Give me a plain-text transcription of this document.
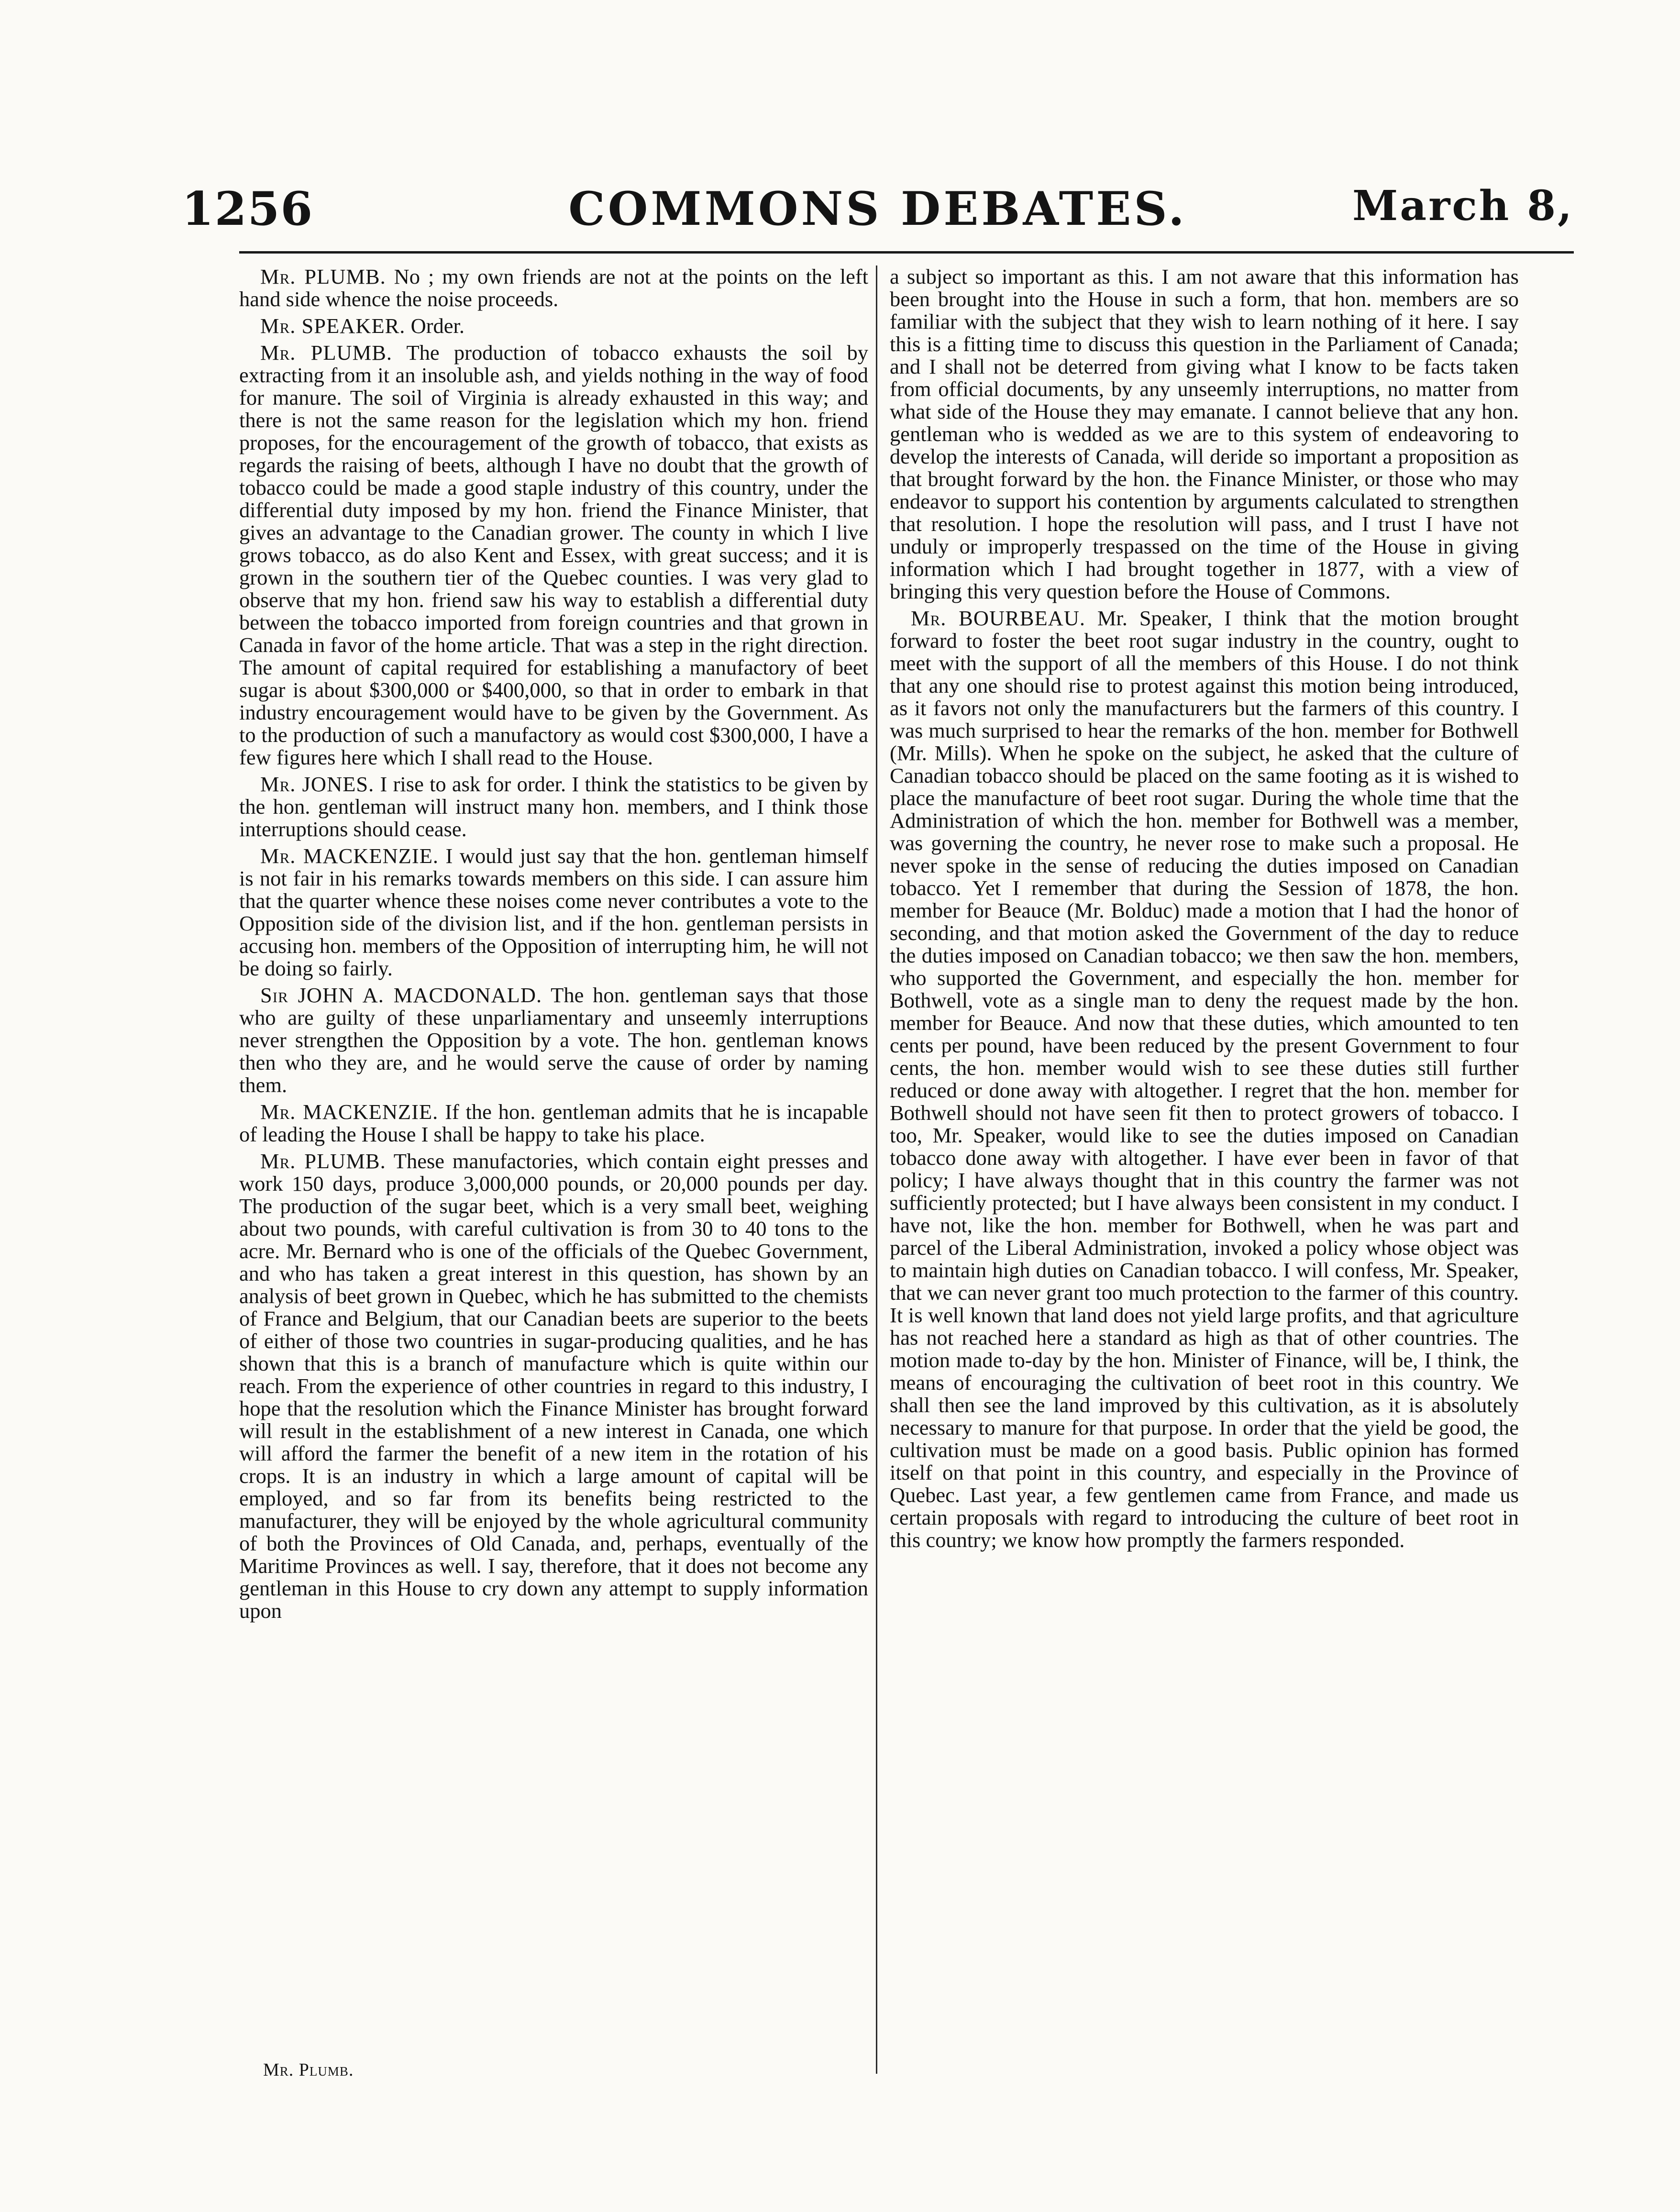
1256	COMMONS DEBATES.	March 8,

Mr. PLUMB. No ; my own friends are not at the points on the left hand side whence the noise proceeds.

Mr. SPEAKER. Order.

Mr. PLUMB. The production of tobacco exhausts the soil by extracting from it an insoluble ash, and yields nothing in the way of food for manure. The soil of Virginia is already exhausted in this way; and there is not the same reason for the legislation which my hon. friend proposes, for the encouragement of the growth of tobacco, that exists as regards the raising of beets, although I have no doubt that the growth of tobacco could be made a good staple industry of this country, under the differential duty imposed by my hon. friend the Finance Minister, that gives an advantage to the Canadian grower. The county in which I live grows tobacco, as do also Kent and Essex, with great success; and it is grown in the southern tier of the Quebec counties. I was very glad to observe that my hon. friend saw his way to establish a differential duty between the tobacco imported from foreign countries and that grown in Canada in favor of the home article. That was a step in the right direction. The amount of capital required for establishing a manufactory of beet sugar is about $300,000 or $400,000, so that in order to embark in that industry encouragement would have to be given by the Government. As to the production of such a manufactory as would cost $300,000, I have a few figures here which I shall read to the House.

Mr. JONES. I rise to ask for order. I think the statistics to be given by the hon. gentleman will instruct many hon. members, and I think those interruptions should cease.

Mr. MACKENZIE. I would just say that the hon. gentleman himself is not fair in his remarks towards members on this side. I can assure him that the quarter whence these noises come never contributes a vote to the Opposition side of the division list, and if the hon. gentleman persists in accusing hon. members of the Opposition of interrupting him, he will not be doing so fairly.

Sir JOHN A. MACDONALD. The hon. gentleman says that those who are guilty of these unparliamentary and unseemly interruptions never strengthen the Opposition by a vote. The hon. gentleman knows then who they are, and he would serve the cause of order by naming them.

Mr. MACKENZIE. If the hon. gentleman admits that he is incapable of leading the House I shall be happy to take his place.

Mr. PLUMB. These manufactories, which contain eight presses and work 150 days, produce 3,000,000 pounds, or 20,000 pounds per day. The production of the sugar beet, which is a very small beet, weighing about two pounds, with careful cultivation is from 30 to 40 tons to the acre. Mr. Bernard who is one of the officials of the Quebec Government, and who has taken a great interest in this question, has shown by an analysis of beet grown in Quebec, which he has submitted to the chemists of France and Belgium, that our Canadian beets are superior to the beets of either of those two countries in sugar-producing qualities, and he has shown that this is a branch of manufacture which is quite within our reach. From the experience of other countries in regard to this industry, I hope that the resolution which the Finance Minister has brought forward will result in the establishment of a new interest in Canada, one which will afford the farmer the benefit of a new item in the rotation of his crops. It is an industry in which a large amount of capital will be employed, and so far from its benefits being restricted to the manufacturer, they will be enjoyed by the whole agricultural community of both the Provinces of Old Canada, and, perhaps, eventually of the Maritime Provinces as well. I say, therefore, that it does not become any gentleman in this House to cry down any attempt to supply information upon

a subject so important as this. I am not aware that this information has been brought into the House in such a form, that hon. members are so familiar with the subject that they wish to learn nothing of it here. I say this is a fitting time to discuss this question in the Parliament of Canada; and I shall not be deterred from giving what I know to be facts taken from official documents, by any unseemly interruptions, no matter from what side of the House they may emanate. I cannot believe that any hon. gentleman who is wedded as we are to this system of endeavoring to develop the interests of Canada, will deride so important a proposition as that brought forward by the hon. the Finance Minister, or those who may endeavor to support his contention by arguments calculated to strengthen that resolution. I hope the resolution will pass, and I trust I have not unduly or improperly trespassed on the time of the House in giving information which I had brought together in 1877, with a view of bringing this very question before the House of Commons.

Mr. BOURBEAU. Mr. Speaker, I think that the motion brought forward to foster the beet root sugar industry in the country, ought to meet with the support of all the members of this House. I do not think that any one should rise to protest against this motion being introduced, as it favors not only the manufacturers but the farmers of this country. I was much surprised to hear the remarks of the hon. member for Bothwell (Mr. Mills). When he spoke on the subject, he asked that the culture of Canadian tobacco should be placed on the same footing as it is wished to place the manufacture of beet root sugar. During the whole time that the Administration of which the hon. member for Bothwell was a member, was governing the country, he never rose to make such a proposal. He never spoke in the sense of reducing the duties imposed on Canadian tobacco. Yet I remember that during the Session of 1878, the hon. member for Beauce (Mr. Bolduc) made a motion that I had the honor of seconding, and that motion asked the Government of the day to reduce the duties imposed on Canadian tobacco; we then saw the hon. members, who supported the Government, and especially the hon. member for Bothwell, vote as a single man to deny the request made by the hon. member for Beauce. And now that these duties, which amounted to ten cents per pound, have been reduced by the present Government to four cents, the hon. member would wish to see these duties still further reduced or done away with altogether. I regret that the hon. member for Bothwell should not have seen fit then to protect growers of tobacco. I too, Mr. Speaker, would like to see the duties imposed on Canadian tobacco done away with altogether. I have ever been in favor of that policy; I have always thought that in this country the farmer was not sufficiently protected; but I have always been consistent in my conduct. I have not, like the hon. member for Bothwell, when he was part and parcel of the Liberal Administration, invoked a policy whose object was to maintain high duties on Canadian tobacco. I will confess, Mr. Speaker, that we can never grant too much protection to the farmer of this country. It is well known that land does not yield large profits, and that agriculture has not reached here a standard as high as that of other countries. The motion made to-day by the hon. Minister of Finance, will be, I think, the means of encouraging the cultivation of beet root in this country. We shall then see the land improved by this cultivation, as it is absolutely necessary to manure for that purpose. In order that the yield be good, the cultivation must be made on a good basis. Public opinion has formed itself on that point in this country, and especially in the Province of Quebec. Last year, a few gentlemen came from France, and made us certain proposals with regard to introducing the culture of beet root in this country; we know how promptly the farmers responded.

Mr. Plumb.
